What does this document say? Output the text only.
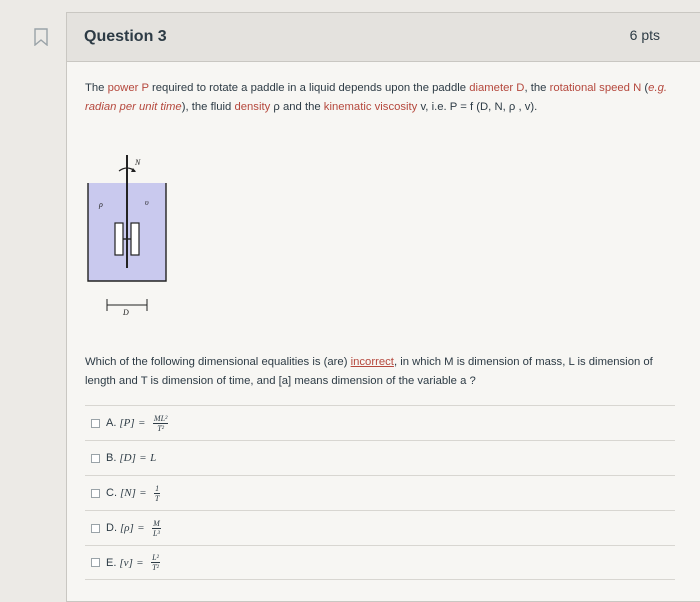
Question 3	6 pts
The power P required to rotate a paddle in a liquid depends upon the paddle diameter D, the rotational speed N (e.g. radian per unit time), the fluid density ρ and the kinematic viscosity v, i.e. P = f (D, N, ρ , v).
N
ρ	υ
D
Which of the following dimensional equalities is (are) incorrect, in which M is dimension of mass, L is dimension of length and T is dimension of time, and [a] means dimension of the variable a ?
A. $[P] = \frac{\text{ML²}}{\text{T²}}$
B. [D] = L
C. $[N] = \frac{1}{T}$
D. $[\rho] = \frac{M}{\text{L³}}$
E. $[v] = \frac{\text{L²}}{\text{T²}}$
